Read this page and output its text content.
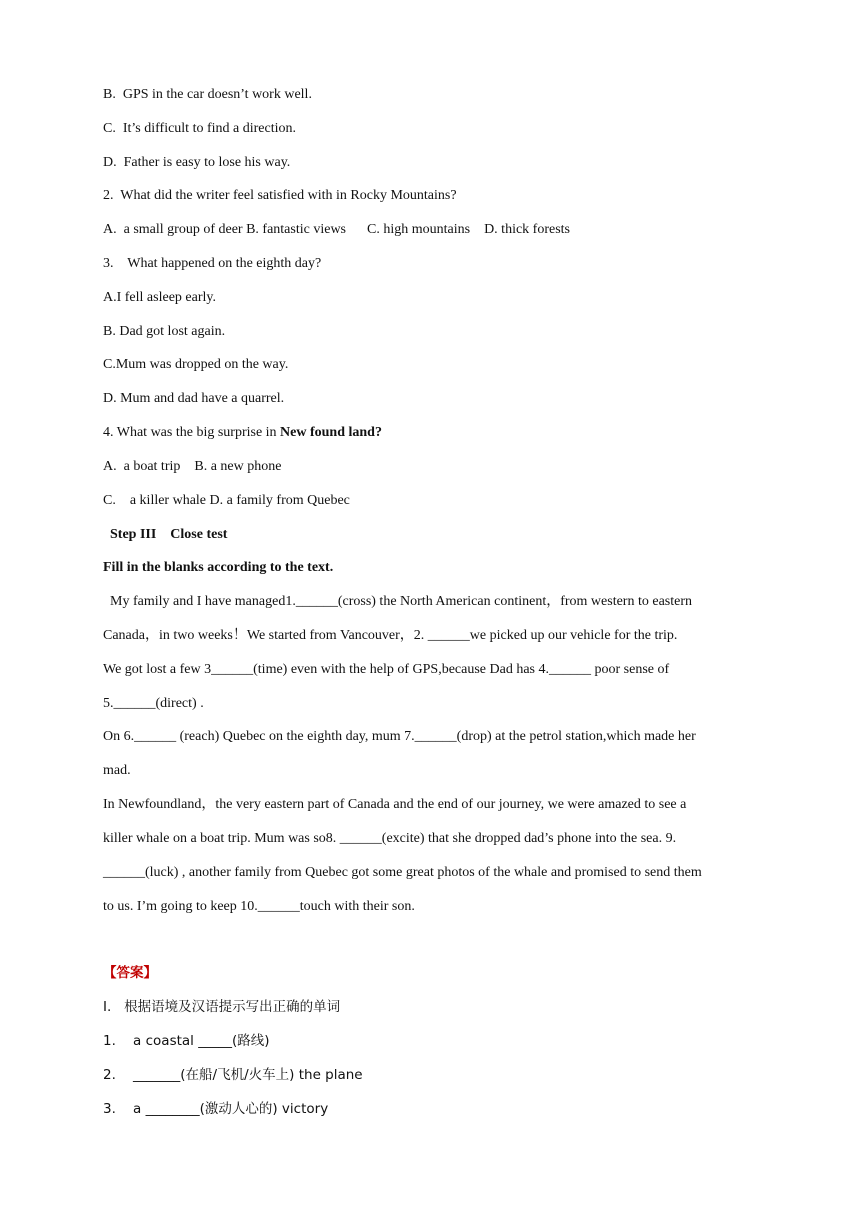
B.  GPS in the car doesn’t work well.
C.  It’s difficult to find a direction.
D.  Father is easy to lose his way.
2.  What did the writer feel satisfied with in Rocky Mountains?
A.  a small group of deer B. fantastic views C. high mountains D. thick forests
3.    What happened on the eighth day?
A.I fell asleep early.
B. Dad got lost again.
C.Mum was dropped on the way.
D. Mum and dad have a quarrel.
4. What was the big surprise in New found land?
A.  a boat trip B. a new phone
C.    a killer whale D. a family from Quebec
Step III    Close test
Fill in the blanks according to the text.
My family and I have managed1.______(cross) the North American continent，from western to eastern
Canada，in two weeks！We started from Vancouver，2. ______we picked up our vehicle for the trip.
We got lost a few 3______(time) even with the help of GPS,because Dad has 4.______ poor sense of
5.______(direct) .
On 6.______ (reach) Quebec on the eighth day, mum 7.______(drop) at the petrol station,which made her
mad.
In Newfoundland，the very eastern part of Canada and the end of our journey, we were amazed to see a
killer whale on a boat trip. Mum was so8. ______(excite) that she dropped dad’s phone into the sea. 9.
______(luck) , another family from Quebec got some great photos of the whale and promised to send them
to us. I’m going to keep 10.______touch with their son.
【答案】
Ⅰ.   根据语境及汉语提示写出正确的单词
1.    a coastal _____(路线)
2.    _______(在船/飞机/火车上) the plane
3.    a ________(激动人心的) victory
